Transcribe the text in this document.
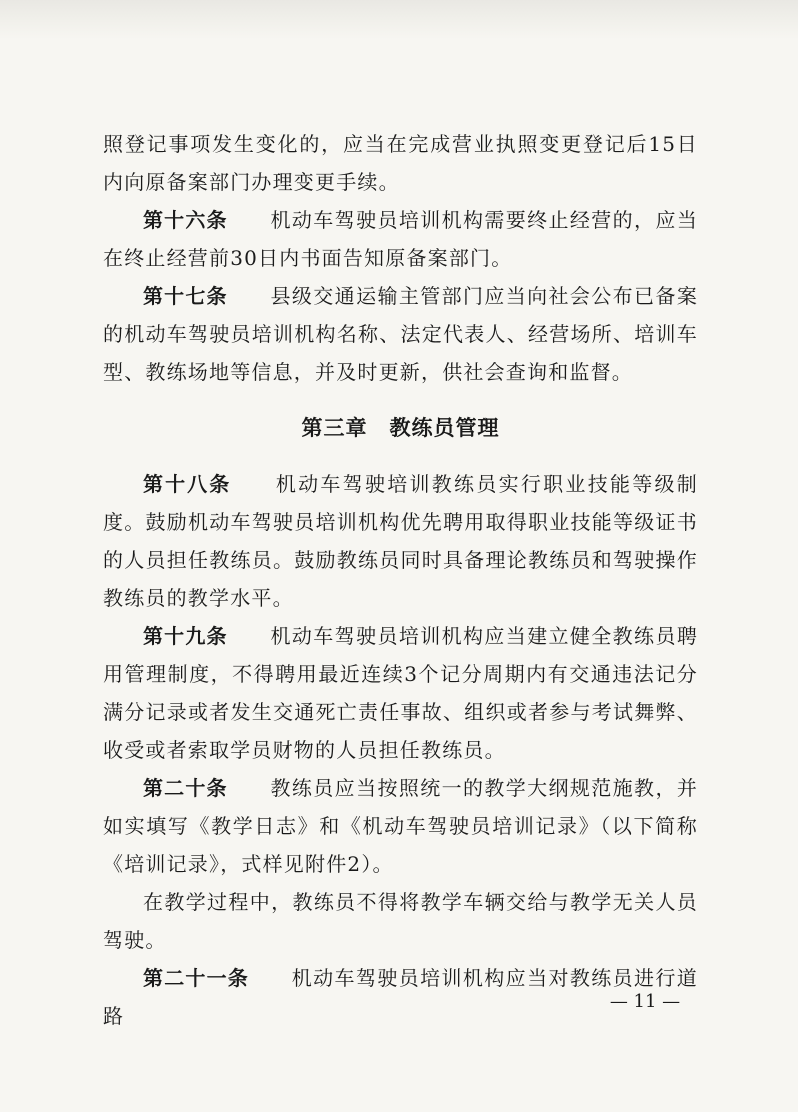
照登记事项发生变化的，应当在完成营业执照变更登记后15日内向原备案部门办理变更手续。

第十六条　　 机动车驾驶员培训机构需要终止经营的，应当在终止经营前30日内书面告知原备案部门。

第十七条　　 县级交通运输主管部门应当向社会公布已备案的机动车驾驶员培训机构名称、法定代表人、经营场所、培训车型、教练场地等信息，并及时更新，供社会查询和监督。

第三章 教练员管理

第十八条　　 机动车驾驶培训教练员实行职业技能等级制度。鼓励机动车驾驶员培训机构优先聘用取得职业技能等级证书的人员担任教练员。鼓励教练员同时具备理论教练员和驾驶操作教练员的教学水平。

第十九条　　 机动车驾驶员培训机构应当建立健全教练员聘用管理制度，不得聘用最近连续3个记分周期内有交通违法记分满分记录或者发生交通死亡责任事故、组织或者参与考试舞弊、收受或者索取学员财物的人员担任教练员。

第二十条　　 教练员应当按照统一的教学大纲规范施教，并如实填写《教学日志》和《机动车驾驶员培训记录》（以下简称《培训记录》，式样见附件2）。

在教学过程中，教练员不得将教学车辆交给与教学无关人员驾驶。

第二十一条　　 机动车驾驶员培训机构应当对教练员进行道路

— 11 —
